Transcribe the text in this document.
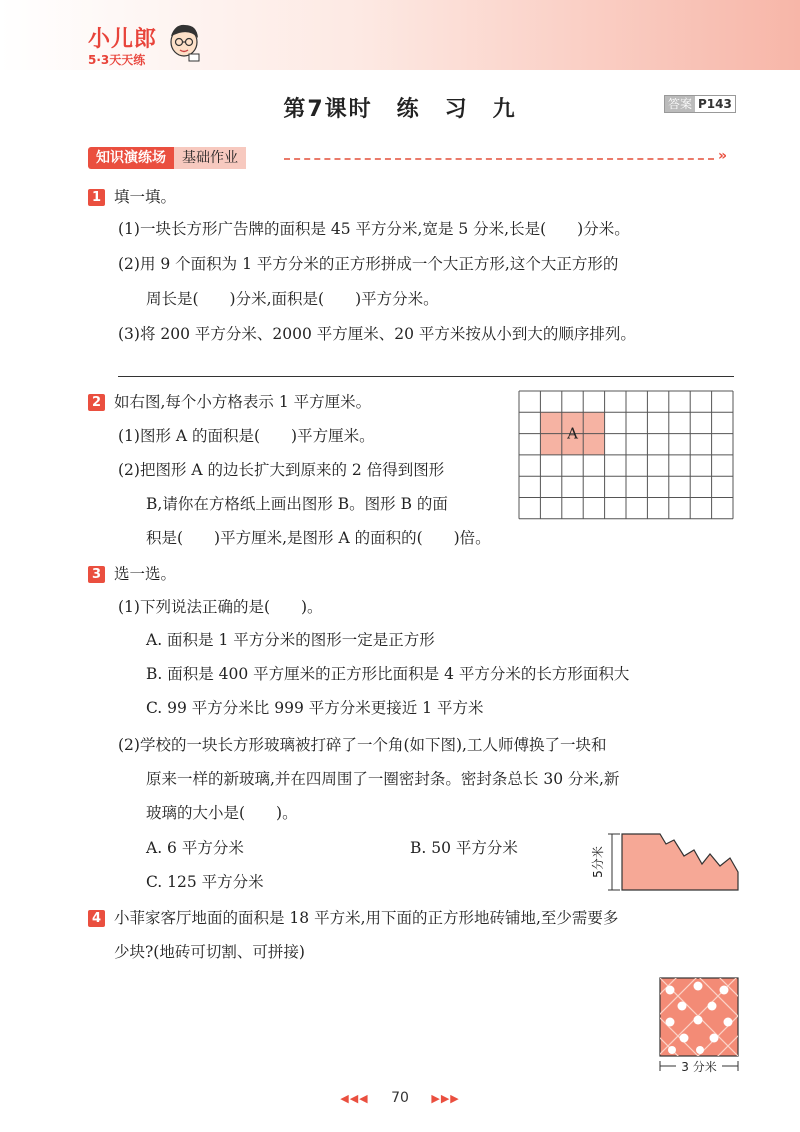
小儿郎
5·3天天练
第7课时　练　习　九	答案 P143
知识演练场	基础作业	»
1 填一填。
(1)一块长方形广告牌的面积是 45 平方分米,宽是 5 分米,长是(　　)分米。
(2)用 9 个面积为 1 平方分米的正方形拼成一个大正方形,这个大正方形的
周长是(　　)分米,面积是(　　)平方分米。
(3)将 200 平方分米、2000 平方厘米、20 平方米按从小到大的顺序排列。
2 如右图,每个小方格表示 1 平方厘米。
(1)图形 A 的面积是(　　)平方厘米。
(2)把图形 A 的边长扩大到原来的 2 倍得到图形
B,请你在方格纸上画出图形 B。图形 B 的面
积是(　　)平方厘米,是图形 A 的面积的(　　)倍。
A
3 选一选。
(1)下列说法正确的是(　　)。
A. 面积是 1 平方分米的图形一定是正方形
B. 面积是 400 平方厘米的正方形比面积是 4 平方分米的长方形面积大
C. 99 平方分米比 999 平方分米更接近 1 平方米
(2)学校的一块长方形玻璃被打碎了一个角(如下图),工人师傅换了一块和
原来一样的新玻璃,并在四周围了一圈密封条。密封条总长 30 分米,新
玻璃的大小是(　　)。
A. 6 平方分米	B. 50 平方分米
C. 125 平方分米
5分米
4 小菲家客厅地面的面积是 18 平方米,用下面的正方形地砖铺地,至少需要多
少块?(地砖可切割、可拼接)
3 分米
◀◀◀ 70 ▶▶▶
